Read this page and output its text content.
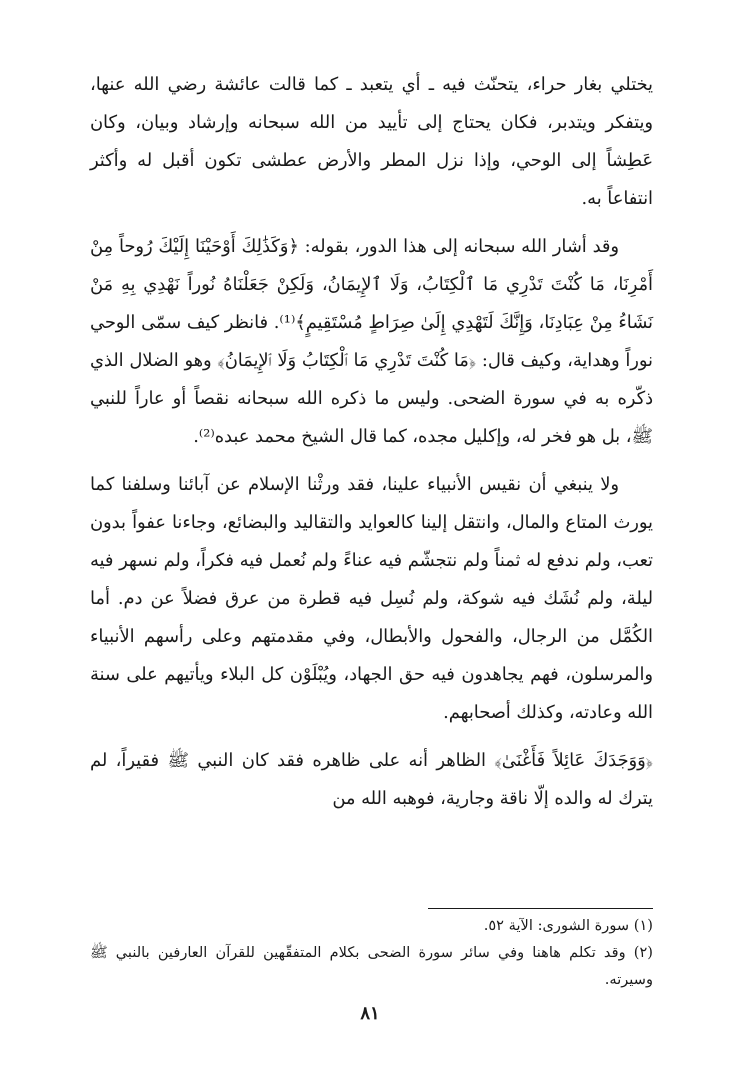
يختلي بغار حراء، يتحنّث فيه ـ أي يتعبد ـ كما قالت عائشة رضي الله عنها، ويتفكر ويتدبر، فكان يحتاج إلى تأييد من الله سبحانه وإرشاد وبيان، وكان عَطِشاً إلى الوحي، وإذا نزل المطر والأرض عطشى تكون أقبل له وأكثر انتفاعاً به.

وقد أشار الله سبحانه إلى هذا الدور، بقوله: ﴿وَكَذَٰلِكَ أَوْحَيْنَا إِلَيْكَ رُوحاً مِنْ أَمْرِنَا، مَا كُنْتَ تَدْرِي مَا ٱلْكِتَابُ، وَلَا ٱلإِيمَانُ، وَلَكِنْ جَعَلْنَاهُ نُوراً نَهْدِي بِهِ مَنْ نَشَاءُ مِنْ عِبَادِنَا، وَإِنَّكَ لَتَهْدِي إِلَىٰ صِرَاطٍ مُسْتَقِيمٍ﴾⁽¹⁾. فانظر كيف سمّى الوحي نوراً وهداية، وكيف قال: ﴿مَا كُنْتَ تَدْرِي مَا ٱلْكِتَابُ وَلَا ٱلإِيمَانُ﴾ وهو الضلال الذي ذكّره به في سورة الضحى. وليس ما ذكره الله سبحانه نقصاً أو عاراً للنبي ﷺ، بل هو فخر له، وإكليل مجده، كما قال الشيخ محمد عبده⁽²⁾.

ولا ينبغي أن نقيس الأنبياء علينا، فقد ورثْنا الإسلام عن آبائنا وسلفنا كما يورث المتاع والمال، وانتقل إلينا كالعوايد والتقاليد والبضائع، وجاءنا عفواً بدون تعب، ولم ندفع له ثمناً ولم نتجشّم فيه عناءً ولم نُعمل فيه فكراً، ولم نسهر فيه ليلة، ولم نُشَك فيه شوكة، ولم نُسِل فيه قطرة من عرق فضلاً عن دم. أما الكُمَّل من الرجال، والفحول والأبطال، وفي مقدمتهم وعلى رأسهم الأنبياء والمرسلون، فهم يجاهدون فيه حق الجهاد، ويُبْلَوْن كل البلاء ويأتيهم على سنة الله وعادته، وكذلك أصحابهم.

﴿وَوَجَدَكَ عَائِلاً فَأَغْنَىٰ﴾ الظاهر أنه على ظاهره فقد كان النبي ﷺ فقيراً، لم يترك له والده إلّا ناقة وجارية، فوهبه الله من

(١) سورة الشورى: الآية ٥٢.

(٢) وقد تكلم هاهنا وفي سائر سورة الضحى بكلام المتفقّهين للقرآن العارفين بالنبي ﷺ وسيرته.

٨١
